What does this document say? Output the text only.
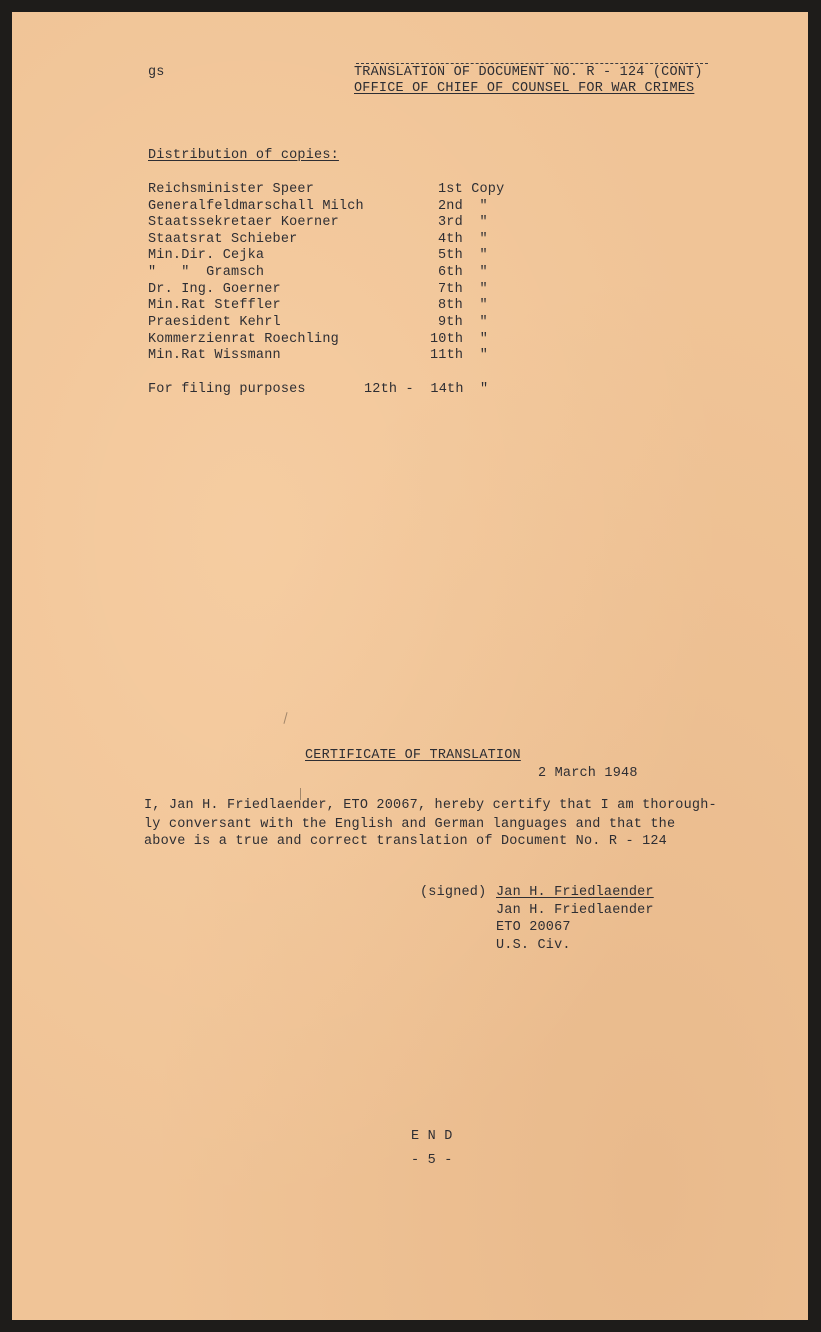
gs	TRANSLATION OF DOCUMENT NO. R - 124 (CONT)
OFFICE OF CHIEF OF COUNSEL FOR WAR CRIMES
Distribution of copies:
Reichsminister Speer	1st Copy
Generalfeldmarschall Milch	2nd  "
Staatssekretaer Koerner	3rd  "
Staatsrat Schieber	4th  "
Min.Dir. Cejka	5th  "
"   "  Gramsch	6th  "
Dr. Ing. Goerner	7th  "
Min.Rat Steffler	8th  "
Praesident Kehrl	9th  "
Kommerzienrat Roechling	10th  "
Min.Rat Wissmann	11th  "
For filing purposes	12th -  14th "
CERTIFICATE OF TRANSLATION
2 March 1948
I, Jan H. Friedlaender, ETO 20067, hereby certify that I am thorough-
ly conversant with the English and German languages and that the
above is a true and correct translation of Document No. R - 124
(signed) Jan H. Friedlaender
Jan H. Friedlaender
ETO 20067
U.S. Civ.
E N D
- 5 -
